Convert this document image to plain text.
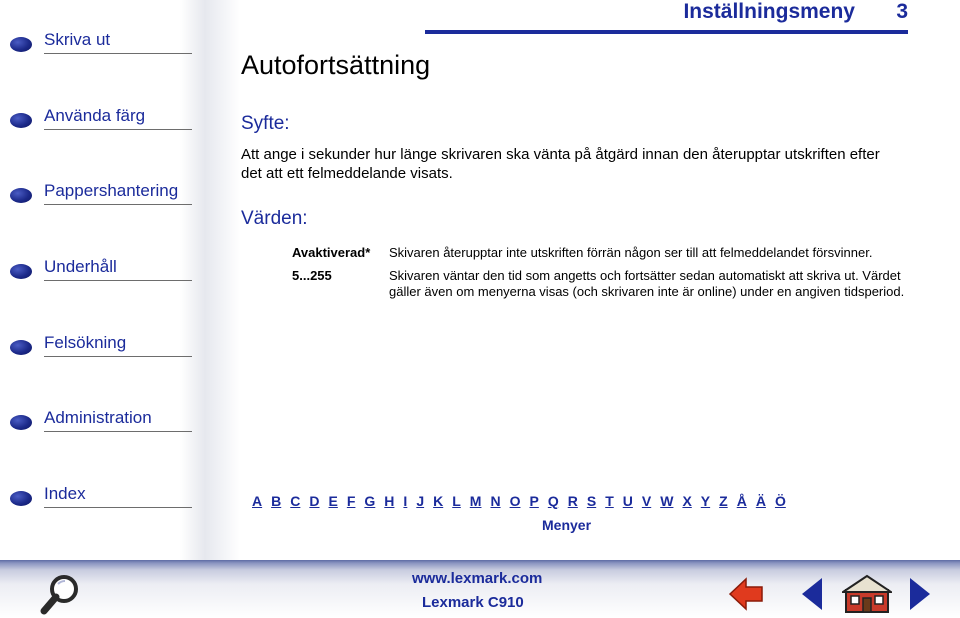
Skriva ut
Använda färg
Pappershantering
Underhåll
Felsökning
Administration
Index
Inställningsmeny 3
Autofortsättning
Syfte:

Att ange i sekunder hur länge skrivaren ska vänta på åtgärd innan den återupptar utskriften efter det att ett felmeddelande visats.

Värden:
Avaktiverad* Skivaren återupptar inte utskriften förrän någon ser till att felmeddelandet försvinner.
5...255	Skivaren väntar den tid som angetts och fortsätter sedan automatiskt att skriva ut. Värdet gäller även om menyerna visas (och skrivaren inte är online) under en angiven tidsperiod.
A B C D E F G H I J K L M N O P Q R S T U V W X Y Z Å Ä Ö
Menyer
www.lexmark.com
Lexmark C910
